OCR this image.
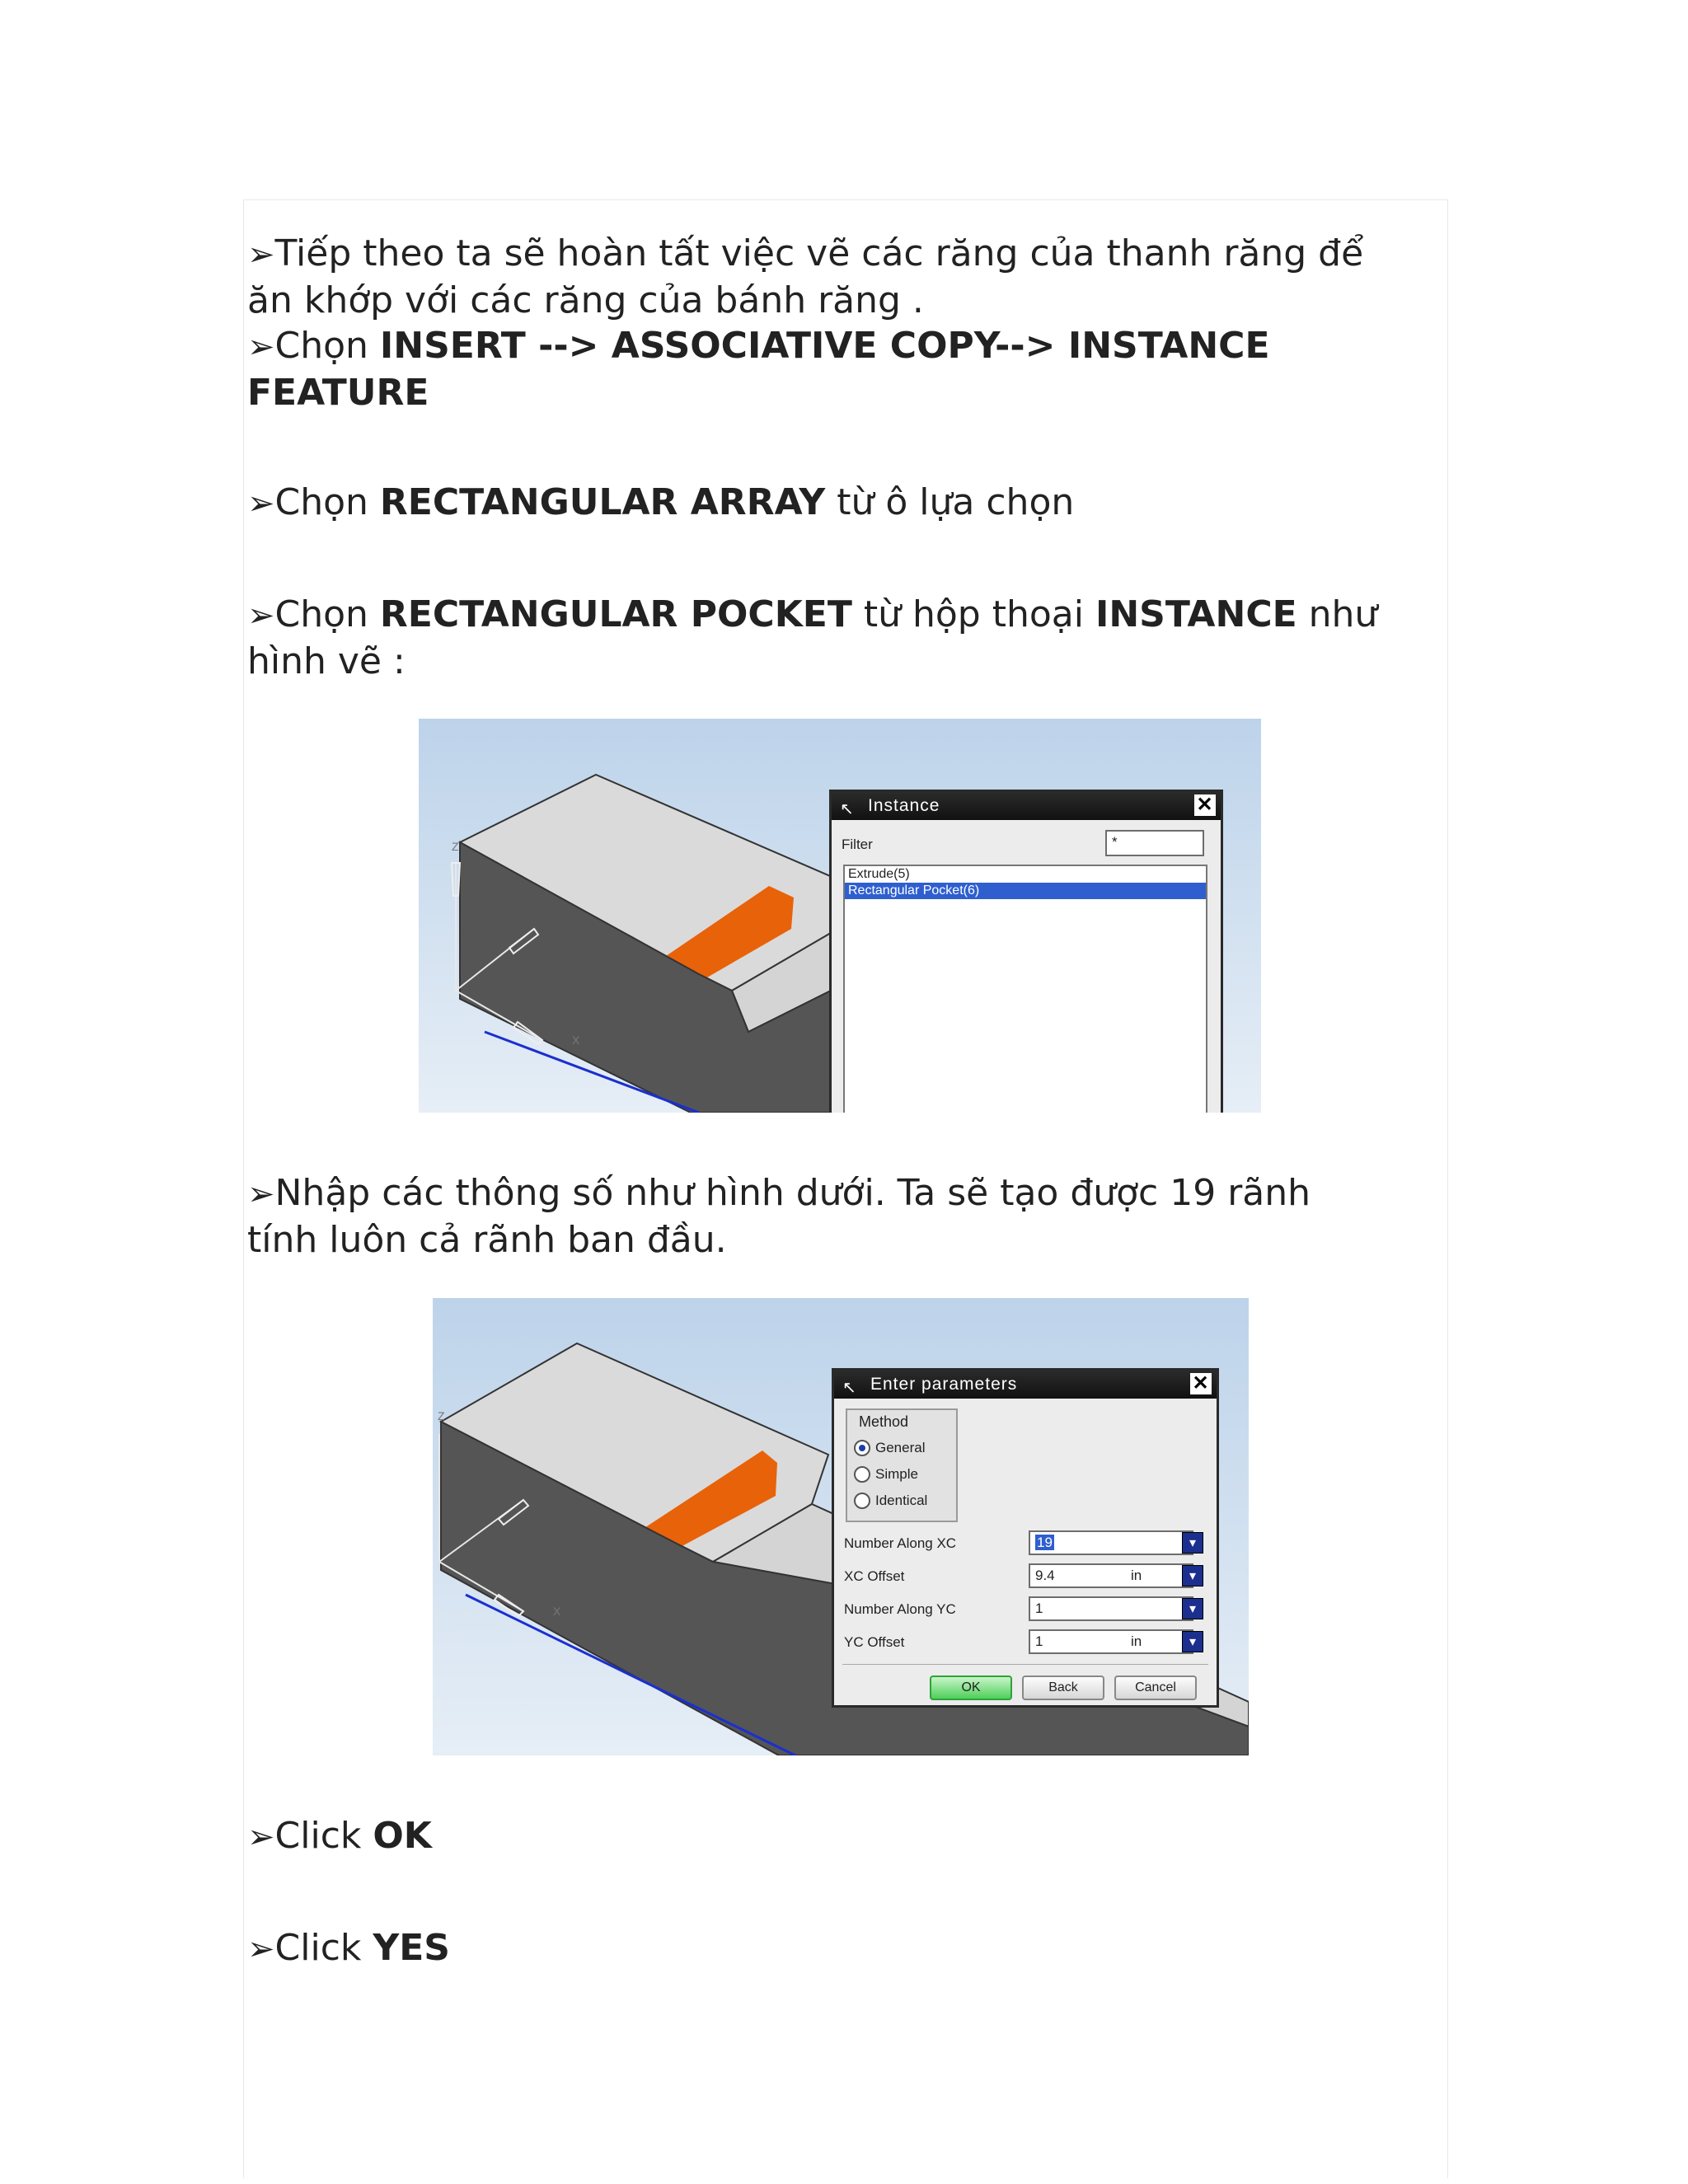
➢Tiếp theo ta sẽ hoàn tất việc vẽ các răng của thanh răng để
ăn khớp với các răng của bánh răng .
➢Chọn INSERT --> ASSOCIATIVE COPY--> INSTANCE
FEATURE
➢Chọn RECTANGULAR ARRAY từ ô lựa chọn
➢Chọn RECTANGULAR POCKET từ hộp thoại INSTANCE như
hình vẽ :
Z
X
↖ Instance	✕
Filter	*
Extrude(5)
Rectangular Pocket(6)
➢Nhập các thông số như hình dưới. Ta sẽ tạo được 19 rãnh
tính luôn cả rãnh ban đầu.
Z
X
↖ Enter parameters	✕
Method
General
Simple
Identical
Number Along XC	19	▾
XC Offset	9.4	in	▾
Number Along YC	1	▾
YC Offset	1	in	▾
OK	Back	Cancel
➢Click OK
➢Click YES
